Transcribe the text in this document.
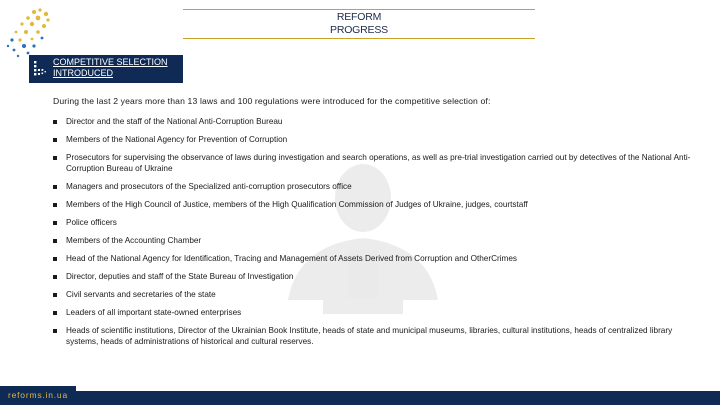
REFORM
PROGRESS
COMPETITIVE SELECTION
INTRODUCED
During the last 2 years more than 13 laws and 100 regulations were introduced for the competitive selection of:
Director and the staff of the National Anti-Corruption Bureau
Members of the National Agency for Prevention of Corruption
Prosecutors for supervising the observance of laws during investigation and search operations, as well as pre-trial investigation carried out by detectives of the National Anti-Corruption Bureau of Ukraine
Managers and prosecutors of the Specialized anti-corruption prosecutors office
Members of the High Council of Justice, members of the High Qualification Commission of Judges of Ukraine, judges, courtstaff
Police officers
Members of the Accounting Chamber
Head of the National Agency for Identification, Tracing and Management of Assets Derived from Corruption and OtherCrimes
Director, deputies and staff of the State Bureau of Investigation
Civil servants and secretaries of the state
Leaders of all important state-owned enterprises
Heads of scientific institutions, Director of the Ukrainian Book Institute, heads of state and municipal museums, libraries, cultural institutions, heads of centralized library systems, heads of administrations of historical and cultural reserves.
reforms.in.ua
